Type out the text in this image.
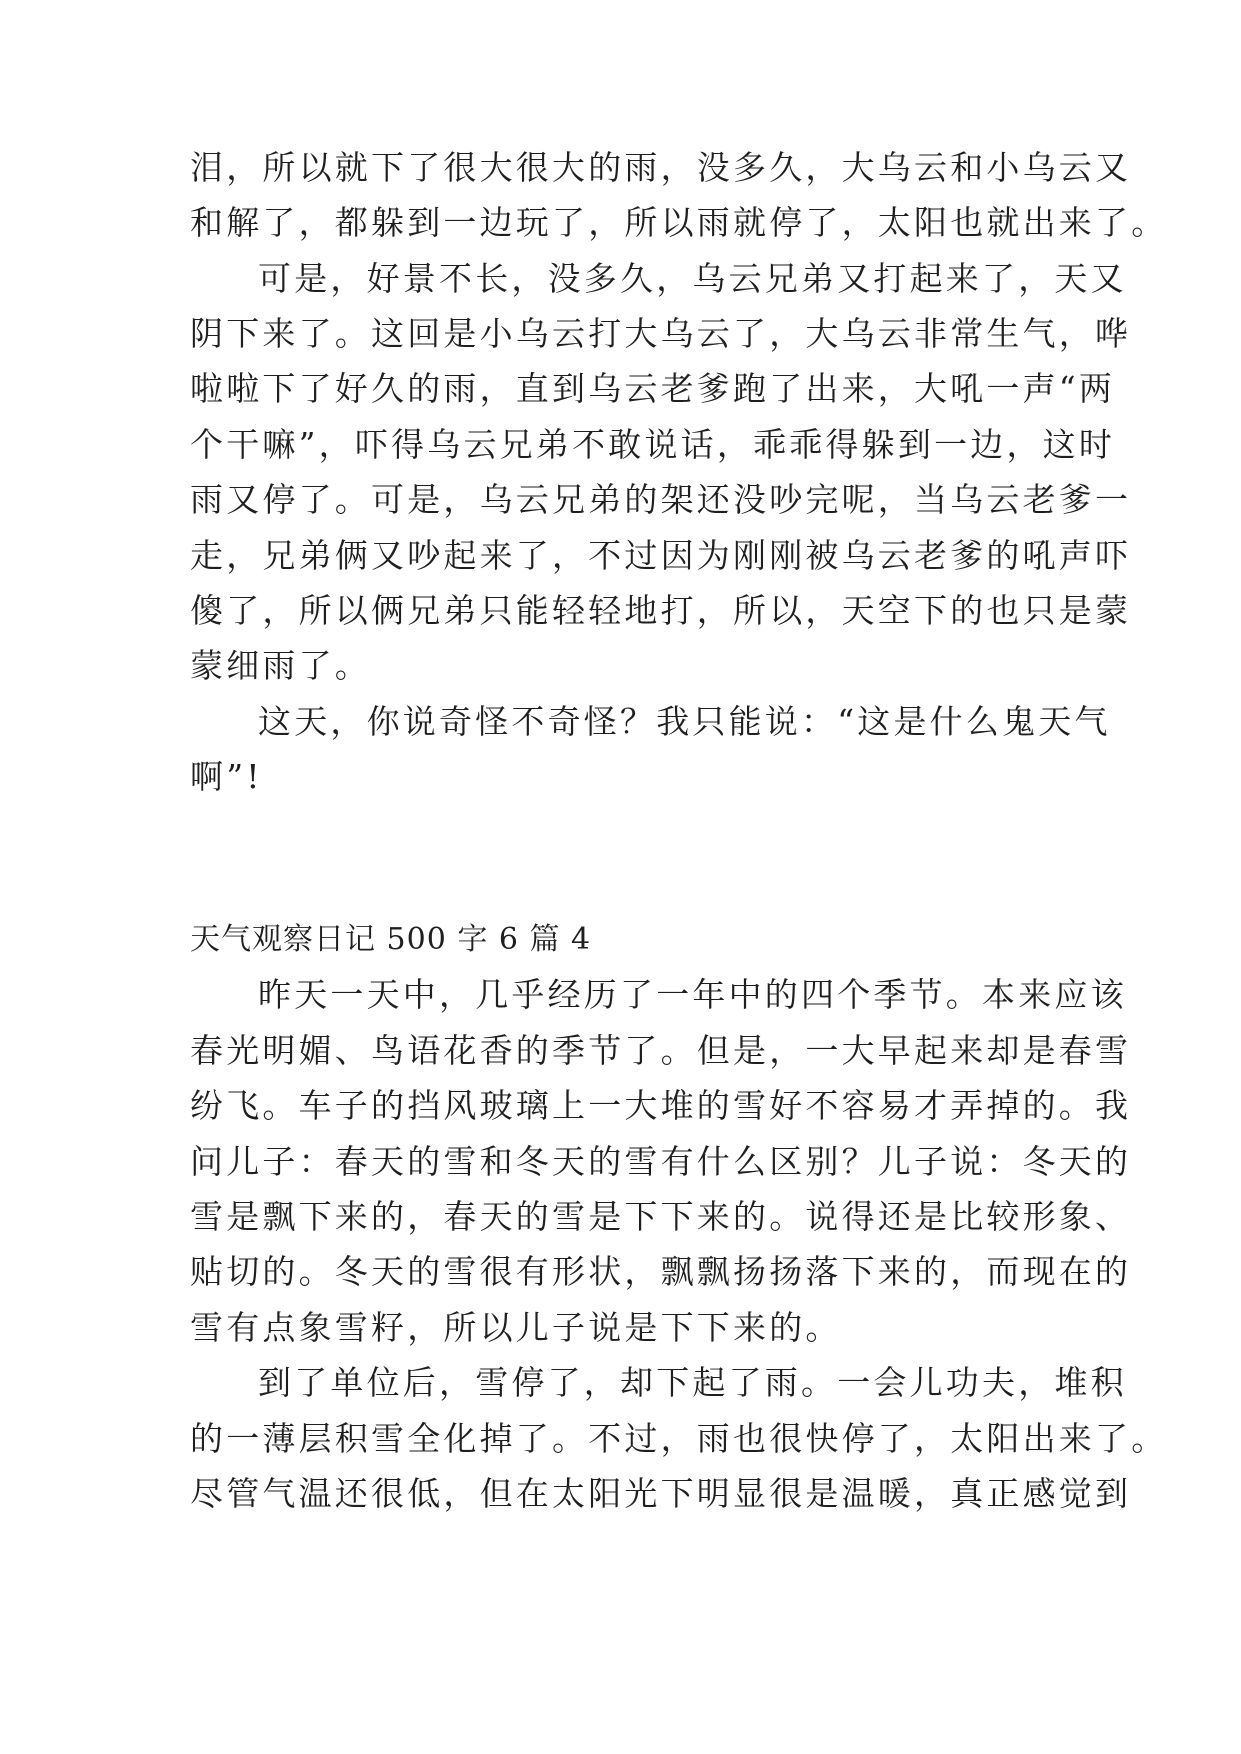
泪，所以就下了很大很大的雨，没多久，大乌云和小乌云又
和解了，都躲到一边玩了，所以雨就停了，太阳也就出来了。
可是，好景不长，没多久，乌云兄弟又打起来了，天又
阴下来了。这回是小乌云打大乌云了，大乌云非常生气，哗
啦啦下了好久的雨，直到乌云老爹跑了出来，大吼一声“两
个干嘛”，吓得乌云兄弟不敢说话，乖乖得躲到一边，这时
雨又停了。可是，乌云兄弟的架还没吵完呢，当乌云老爹一
走，兄弟俩又吵起来了，不过因为刚刚被乌云老爹的吼声吓
傻了，所以俩兄弟只能轻轻地打，所以，天空下的也只是蒙
蒙细雨了。
这天，你说奇怪不奇怪？我只能说：“这是什么鬼天气
啊”!
天气观察日记 500 字 6 篇 4
昨天一天中，几乎经历了一年中的四个季节。本来应该
春光明媚、鸟语花香的季节了。但是，一大早起来却是春雪
纷飞。车子的挡风玻璃上一大堆的雪好不容易才弄掉的。我
问儿子：春天的雪和冬天的雪有什么区别？儿子说：冬天的
雪是飘下来的，春天的雪是下下来的。说得还是比较形象、
贴切的。冬天的雪很有形状，飘飘扬扬落下来的，而现在的
雪有点象雪籽，所以儿子说是下下来的。
到了单位后，雪停了，却下起了雨。一会儿功夫，堆积
的一薄层积雪全化掉了。不过，雨也很快停了，太阳出来了。
尽管气温还很低，但在太阳光下明显很是温暖，真正感觉到
